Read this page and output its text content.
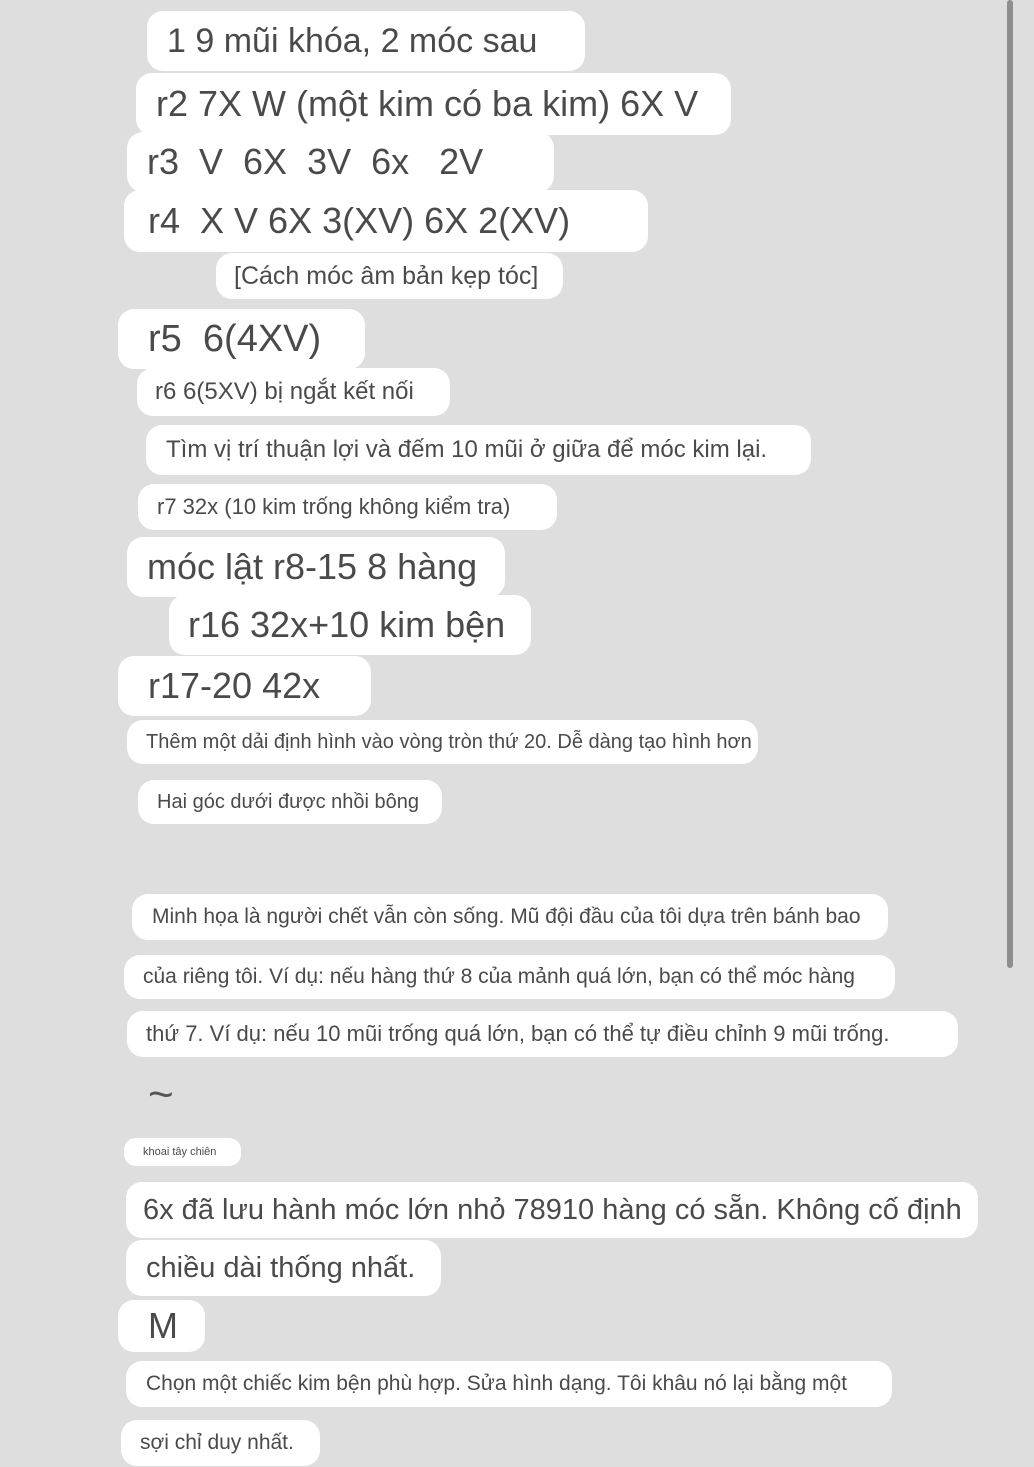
1 9 mũi khóa, 2 móc sau
r2 7X W (một kim có ba kim) 6X V
r3  V  6X  3V  6x   2V
r4  X V 6X 3(XV) 6X 2(XV)
[Cách móc âm bản kẹp tóc]
r5  6(4XV)
r6 6(5XV) bị ngắt kết nối
Tìm vị trí thuận lợi và đếm 10 mũi ở giữa để móc kim lại.
r7 32x (10 kim trống không kiểm tra)
móc lật r8-15 8 hàng
r16 32x+10 kim bện
r17-20 42x
Thêm một dải định hình vào vòng tròn thứ 20. Dễ dàng tạo hình hơn
Hai góc dưới được nhồi bông
Minh họa là người chết vẫn còn sống. Mũ đội đầu của tôi dựa trên bánh bao
của riêng tôi. Ví dụ: nếu hàng thứ 8 của mảnh quá lớn, bạn có thể móc hàng
thứ 7. Ví dụ: nếu 10 mũi trống quá lớn, bạn có thể tự điều chỉnh 9 mũi trống.
~
khoai tây chiên
6x đã lưu hành móc lớn nhỏ 78910 hàng có sẵn. Không cố định
chiều dài thống nhất.
M
Chọn một chiếc kim bện phù hợp. Sửa hình dạng. Tôi khâu nó lại bằng một
sợi chỉ duy nhất.
